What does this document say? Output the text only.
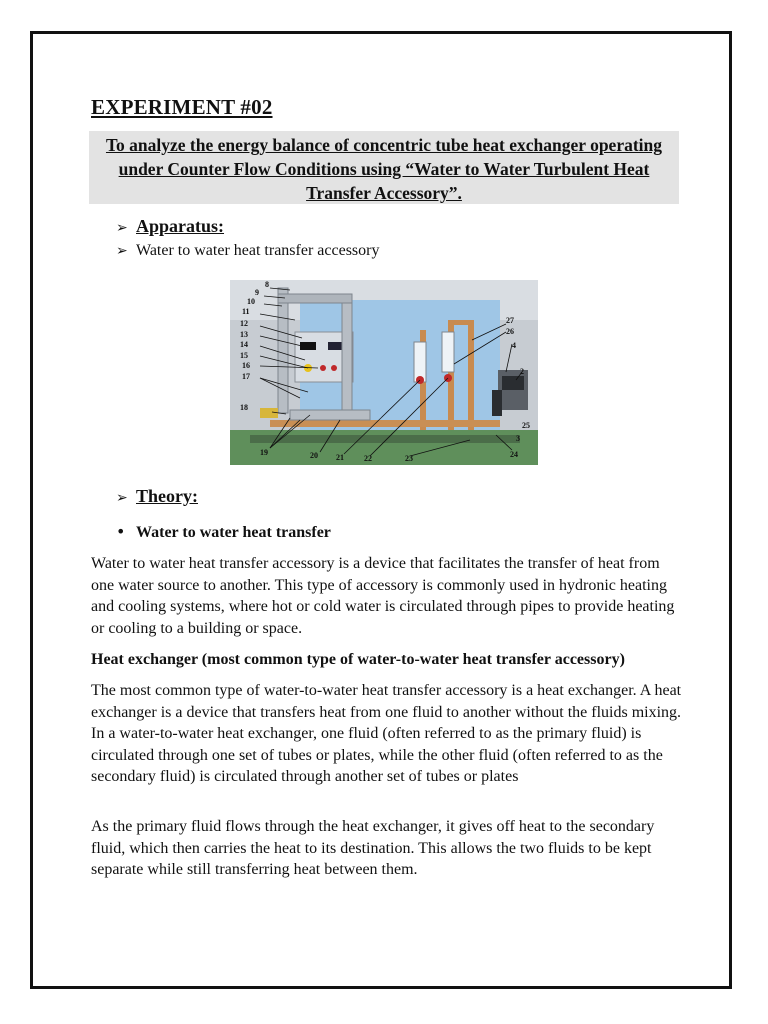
EXPERIMENT #02
To analyze the energy balance of concentric tube heat exchanger operating under Counter Flow Conditions using “Water to Water Turbulent Heat Transfer Accessory”.
➢ Apparatus:
➢ Water to water heat transfer accessory
8
9
10
11
12
13
14
15
16
17
18
19	20 21	22	23	24
25
3
26
27
4
2
➢ Theory:
• Water to water heat transfer
Water to water heat transfer accessory is a device that facilitates the transfer of heat from one water source to another. This type of accessory is commonly used in hydronic heating and cooling systems, where hot or cold water is circulated through pipes to provide heating or cooling to a building or space.
Heat exchanger (most common type of water-to-water heat transfer accessory)
The most common type of water-to-water heat transfer accessory is a heat exchanger. A heat exchanger is a device that transfers heat from one fluid to another without the fluids mixing. In a water-to-water heat exchanger, one fluid (often referred to as the primary fluid) is circulated through one set of tubes or plates, while the other fluid (often referred to as the secondary fluid) is circulated through another set of tubes or plates
As the primary fluid flows through the heat exchanger, it gives off heat to the secondary fluid, which then carries the heat to its destination. This allows the two fluids to be kept separate while still transferring heat between them.
